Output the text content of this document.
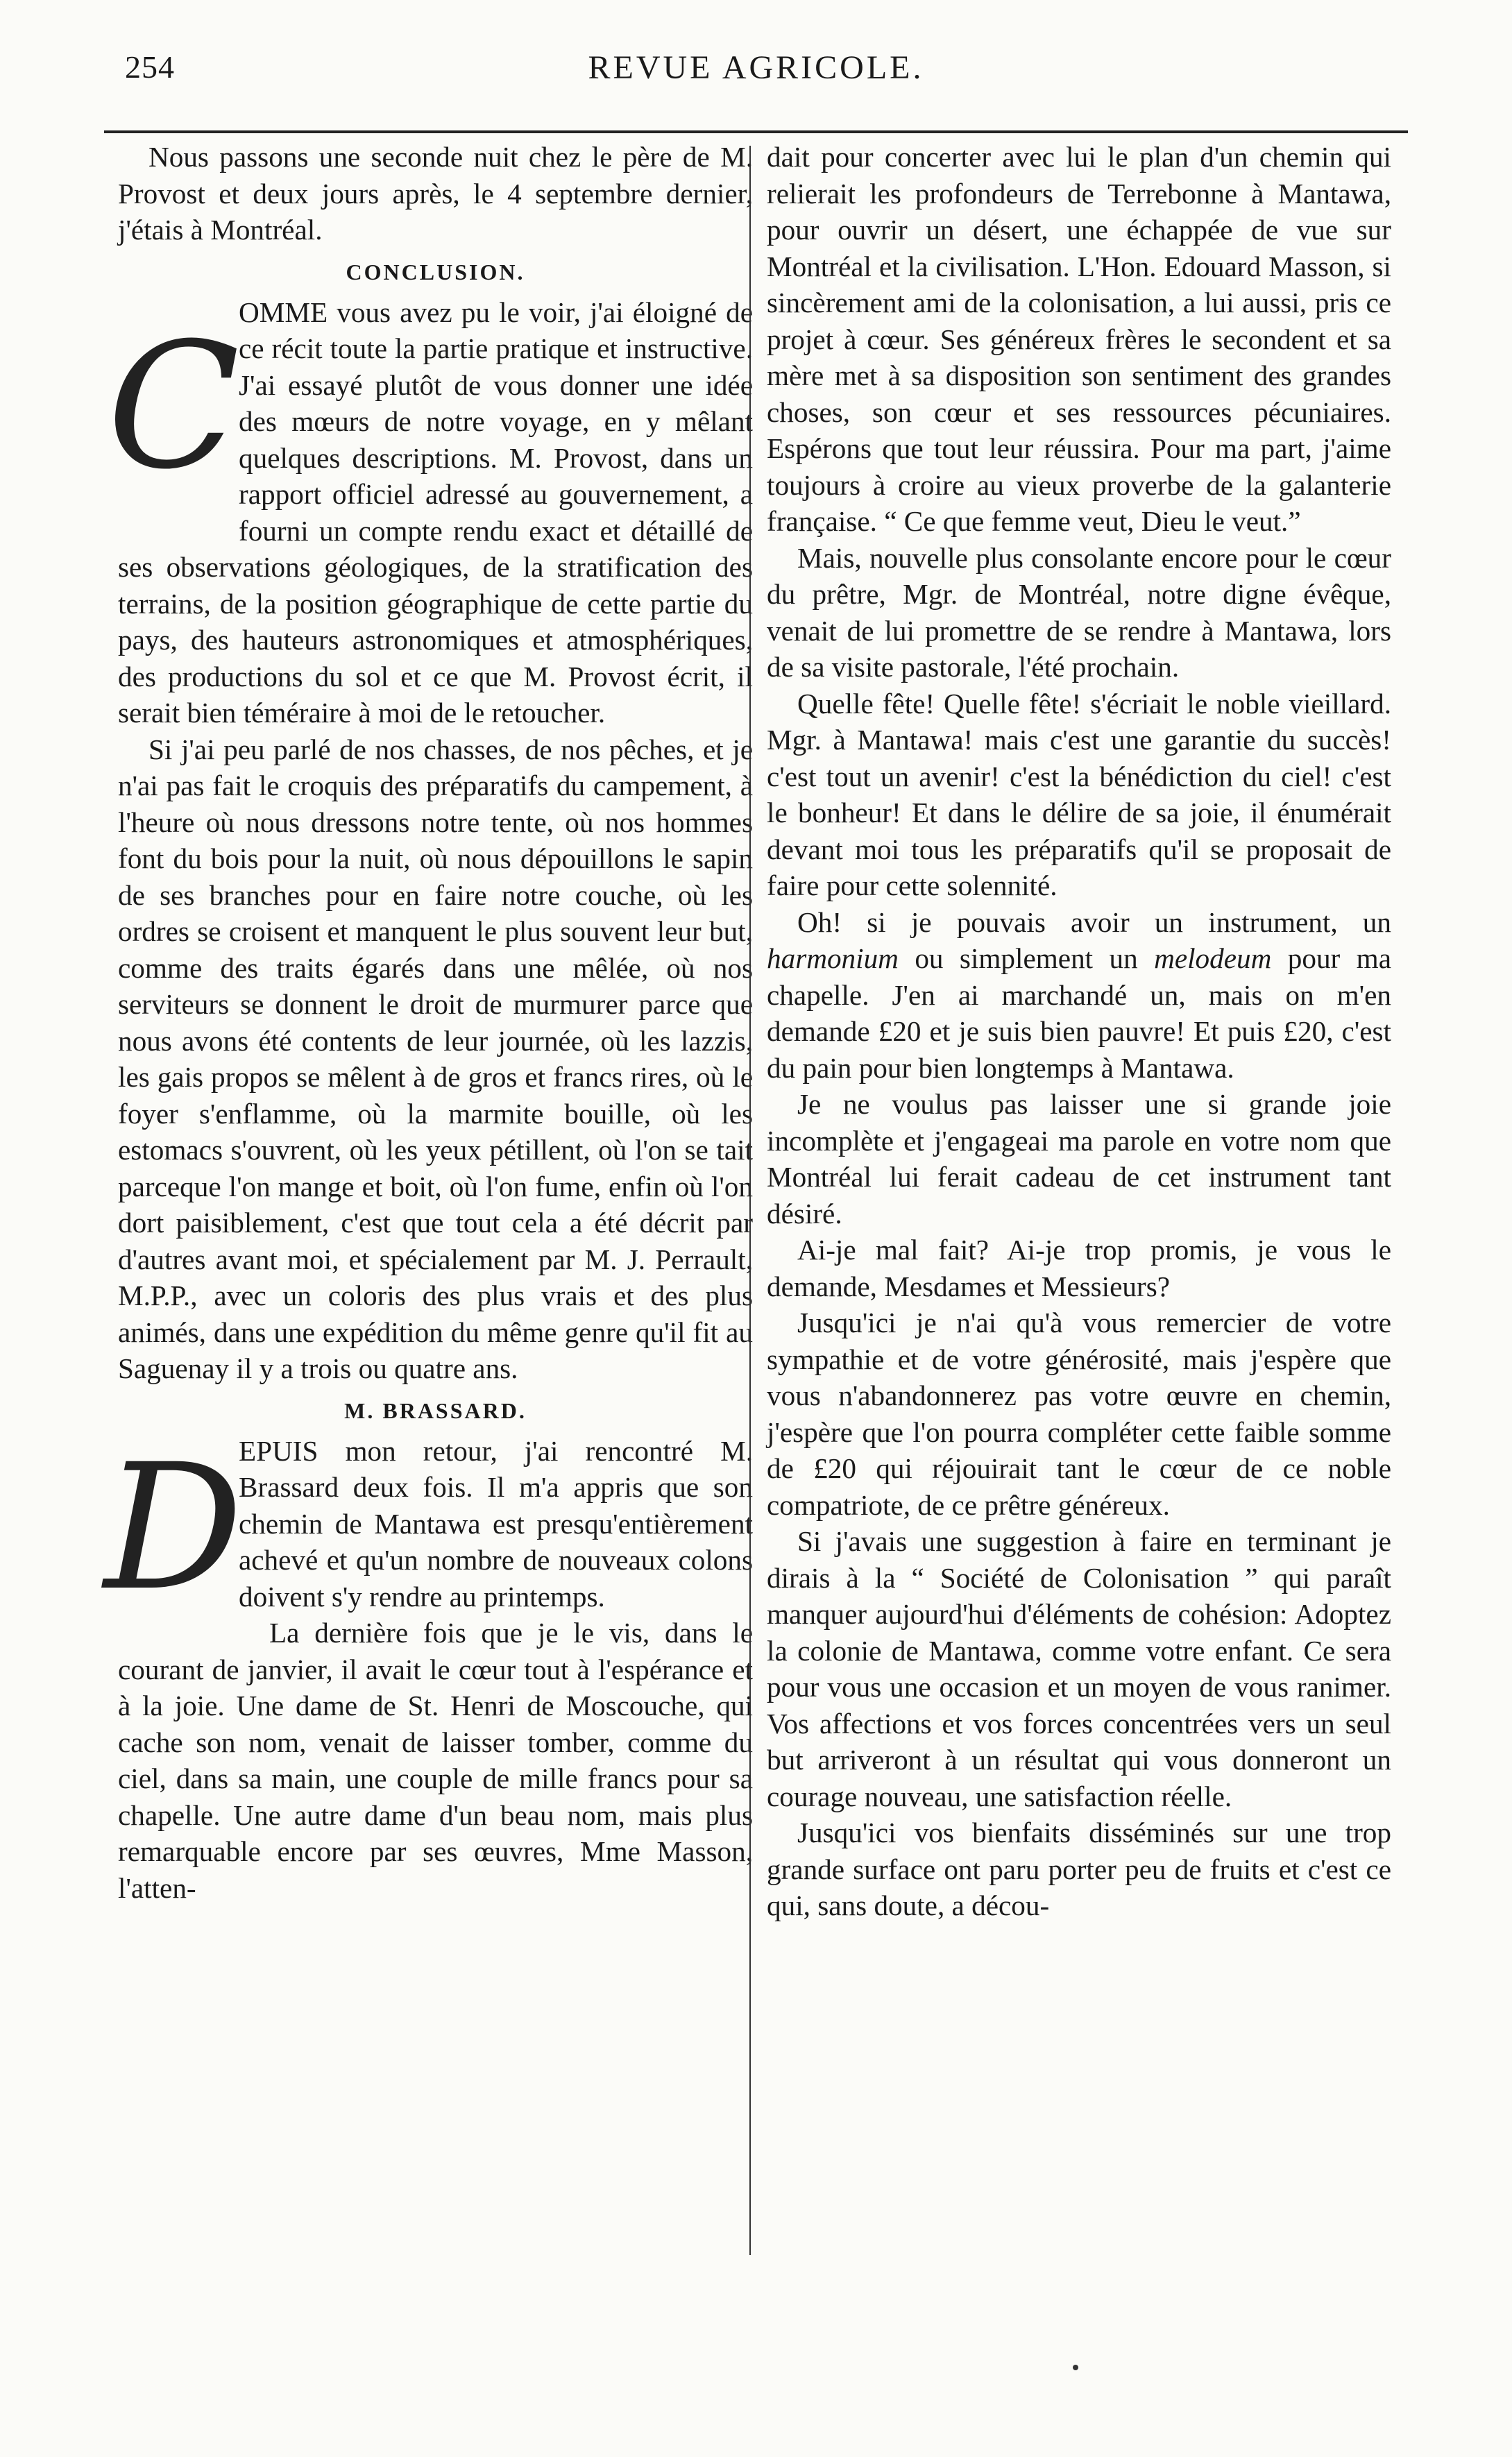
254	REVUE AGRICOLE.

Nous passons une seconde nuit chez le père de M. Provost et deux jours après, le 4 septembre dernier, j'étais à Montréal.

CONCLUSION.
C

OMME vous avez pu le voir, j'ai éloigné de ce récit toute la partie pratique et instructive. J'ai essayé plutôt de vous donner une idée des mœurs de notre voyage, en y mêlant quelques descriptions. M. Provost, dans un rapport officiel adressé au gouvernement, a fourni un compte rendu exact et détaillé de ses observations géologiques, de la stratification des terrains, de la position géographique de cette partie du pays, des hauteurs astronomiques et atmosphériques, des productions du sol et ce que M. Provost écrit, il serait bien téméraire à moi de le retoucher.

Si j'ai peu parlé de nos chasses, de nos pêches, et je n'ai pas fait le croquis des préparatifs du campement, à l'heure où nous dressons notre tente, où nos hommes font du bois pour la nuit, où nous dépouillons le sapin de ses branches pour en faire notre couche, où les ordres se croisent et manquent le plus souvent leur but, comme des traits égarés dans une mêlée, où nos serviteurs se donnent le droit de murmurer parce que nous avons été contents de leur journée, où les lazzis, les gais propos se mêlent à de gros et francs rires, où le foyer s'enflamme, où la marmite bouille, où les estomacs s'ouvrent, où les yeux pétillent, où l'on se tait parceque l'on mange et boit, où l'on fume, enfin où l'on dort paisiblement, c'est que tout cela a été décrit par d'autres avant moi, et spécialement par M. J. Perrault, M.P.P., avec un coloris des plus vrais et des plus animés, dans une expédition du même genre qu'il fit au Saguenay il y a trois ou quatre ans.

M. BRASSARD.
D

EPUIS mon retour, j'ai rencontré M. Brassard deux fois. Il m'a appris que son chemin de Mantawa est presqu'entièrement achevé et qu'un nombre de nouveaux colons doivent s'y rendre au printemps.

La dernière fois que je le vis, dans le courant de janvier, il avait le cœur tout à l'espérance et à la joie. Une dame de St. Henri de Moscouche, qui cache son nom, venait de laisser tomber, comme du ciel, dans sa main, une couple de mille francs pour sa chapelle. Une autre dame d'un beau nom, mais plus remarquable encore par ses œuvres, Mme Masson, l'atten-

dait pour concerter avec lui le plan d'un chemin qui relierait les profondeurs de Terrebonne à Mantawa, pour ouvrir un désert, une échappée de vue sur Montréal et la civilisation. L'Hon. Edouard Masson, si sincèrement ami de la colonisation, a lui aussi, pris ce projet à cœur. Ses généreux frères le secondent et sa mère met à sa disposition son sentiment des grandes choses, son cœur et ses ressources pécuniaires. Espérons que tout leur réussira. Pour ma part, j'aime toujours à croire au vieux proverbe de la galanterie française. “ Ce que femme veut, Dieu le veut.”

Mais, nouvelle plus consolante encore pour le cœur du prêtre, Mgr. de Montréal, notre digne évêque, venait de lui promettre de se rendre à Mantawa, lors de sa visite pastorale, l'été prochain.

Quelle fête! Quelle fête! s'écriait le noble vieillard. Mgr. à Mantawa! mais c'est une garantie du succès! c'est tout un avenir! c'est la bénédiction du ciel! c'est le bonheur! Et dans le délire de sa joie, il énumérait devant moi tous les préparatifs qu'il se proposait de faire pour cette solennité.

Oh! si je pouvais avoir un instrument, un harmonium ou simplement un melodeum pour ma chapelle. J'en ai marchandé un, mais on m'en demande £20 et je suis bien pauvre! Et puis £20, c'est du pain pour bien longtemps à Mantawa.

Je ne voulus pas laisser une si grande joie incomplète et j'engageai ma parole en votre nom que Montréal lui ferait cadeau de cet instrument tant désiré.

Ai-je mal fait? Ai-je trop promis, je vous le demande, Mesdames et Messieurs?

Jusqu'ici je n'ai qu'à vous remercier de votre sympathie et de votre générosité, mais j'espère que vous n'abandonnerez pas votre œuvre en chemin, j'espère que l'on pourra compléter cette faible somme de £20 qui réjouirait tant le cœur de ce noble compatriote, de ce prêtre généreux.

Si j'avais une suggestion à faire en terminant je dirais à la “ Société de Colonisation ” qui paraît manquer aujourd'hui d'éléments de cohésion: Adoptez la colonie de Mantawa, comme votre enfant. Ce sera pour vous une occasion et un moyen de vous ranimer. Vos affections et vos forces concentrées vers un seul but arriveront à un résultat qui vous donneront un courage nouveau, une satisfaction réelle.

Jusqu'ici vos bienfaits disséminés sur une trop grande surface ont paru porter peu de fruits et c'est ce qui, sans doute, a décou-
